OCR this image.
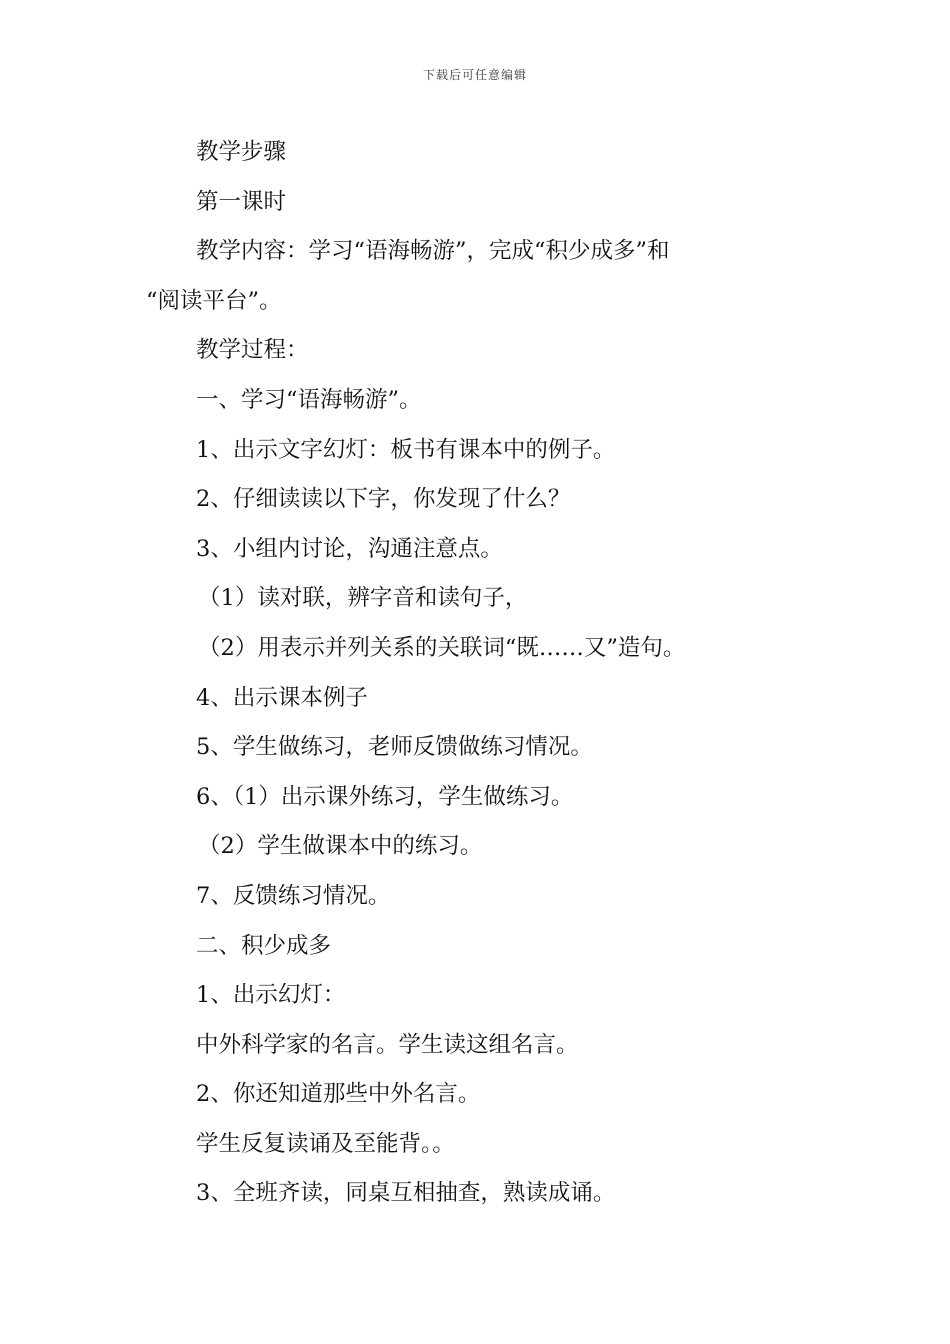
下载后可任意编辑
教学步骤
第一课时
教学内容：学习“语海畅游”，完成“积少成多”和
“阅读平台”。
教学过程：
一、学习“语海畅游”。
1、出示文字幻灯：板书有课本中的例子。
2、仔细读读以下字，你发现了什么？
3、小组内讨论，沟通注意点。
（1）读对联，辨字音和读句子，
（2）用表示并列关系的关联词“既……又”造句。
4、出示课本例子
5、学生做练习，老师反馈做练习情况。
6、（1）出示课外练习，学生做练习。
（2）学生做课本中的练习。
7、反馈练习情况。
二、积少成多
1、出示幻灯：
中外科学家的名言。学生读这组名言。
2、你还知道那些中外名言。
学生反复读诵及至能背。。
3、全班齐读，同桌互相抽查，熟读成诵。
